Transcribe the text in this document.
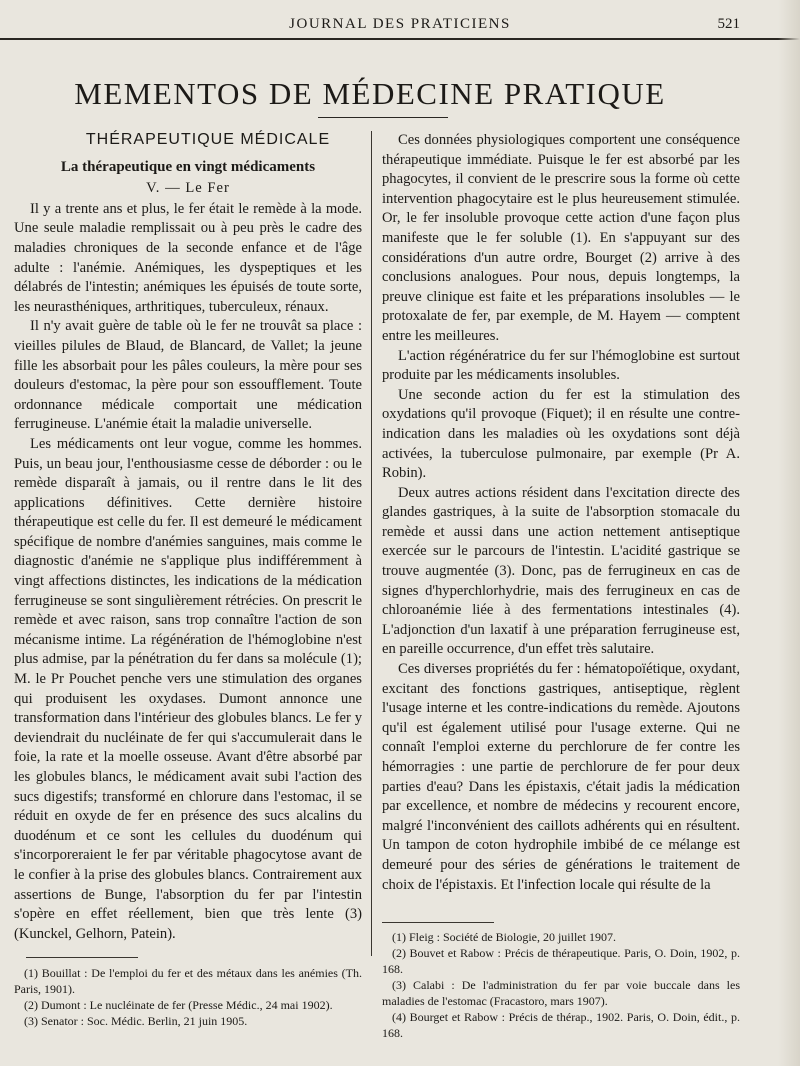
JOURNAL DES PRATICIENS	521
MEMENTOS DE MÉDECINE PRATIQUE
THÉRAPEUTIQUE MÉDICALE
La thérapeutique en vingt médicaments
V. — Le Fer

Il y a trente ans et plus, le fer était le remède à la mode. Une seule maladie remplissait ou à peu près le cadre des maladies chroniques de la seconde enfance et de l'âge adulte : l'anémie. Anémiques, les dyspeptiques et les délabrés de l'intestin; anémiques les épuisés de toute sorte, les neurasthéniques, arthritiques, tuberculeux, rénaux.

Il n'y avait guère de table où le fer ne trouvât sa place : vieilles pilules de Blaud, de Blancard, de Vallet; la jeune fille les absorbait pour les pâles couleurs, la mère pour ses douleurs d'estomac, la père pour son essoufflement. Toute ordonnance médicale comportait une médication ferrugineuse. L'anémie était la maladie universelle.

Les médicaments ont leur vogue, comme les hommes. Puis, un beau jour, l'enthousiasme cesse de déborder : ou le remède disparaît à jamais, ou il rentre dans le lit des applications définitives. Cette dernière histoire thérapeutique est celle du fer. Il est demeuré le médicament spécifique de nombre d'anémies sanguines, mais comme le diagnostic d'anémie ne s'applique plus indifféremment à vingt affections distinctes, les indications de la médication ferrugineuse se sont singulièrement rétrécies. On prescrit le remède et avec raison, sans trop connaître l'action de son mécanisme intime. La régénération de l'hémoglobine n'est plus admise, par la pénétration du fer dans sa molécule (1); M. le Pr Pouchet penche vers une stimulation des organes qui produisent les oxydases. Dumont annonce une transformation dans l'intérieur des globules blancs. Le fer y deviendrait du nucléinate de fer qui s'accumulerait dans le foie, la rate et la moelle osseuse. Avant d'être absorbé par les globules blancs, le médicament avait subi l'action des sucs digestifs; transformé en chlorure dans l'estomac, il se réduit en oxyde de fer en présence des sucs alcalins du duodénum et ce sont les cellules du duodénum qui s'incorporeraient le fer par véritable phagocytose avant de le confier à la prise des globules blancs. Contrairement aux assertions de Bunge, l'absorption du fer par l'intestin s'opère en effet réellement, bien que très lente (3) (Kunckel, Gelhorn, Patein).

Ces données physiologiques comportent une conséquence thérapeutique immédiate. Puisque le fer est absorbé par les phagocytes, il convient de le prescrire sous la forme où cette intervention phagocytaire est le plus heureusement stimulée. Or, le fer insoluble provoque cette action d'une façon plus manifeste que le fer soluble (1). En s'appuyant sur des considérations d'un autre ordre, Bourget (2) arrive à des conclusions analogues. Pour nous, depuis longtemps, la preuve clinique est faite et les préparations insolubles — le protoxalate de fer, par exemple, de M. Hayem — comptent entre les meilleures.

L'action régénératrice du fer sur l'hémoglobine est surtout produite par les médicaments insolubles.

Une seconde action du fer est la stimulation des oxydations qu'il provoque (Fiquet); il en résulte une contre-indication dans les maladies où les oxydations sont déjà activées, la tuberculose pulmonaire, par exemple (Pr A. Robin).

Deux autres actions résident dans l'excitation directe des glandes gastriques, à la suite de l'absorption stomacale du remède et aussi dans une action nettement antiseptique exercée sur le parcours de l'intestin. L'acidité gastrique se trouve augmentée (3). Donc, pas de ferrugineux en cas de signes d'hyperchlorhydrie, mais des ferrugineux en cas de chloroanémie liée à des fermentations intestinales (4). L'adjonction d'un laxatif à une préparation ferrugineuse est, en pareille occurrence, d'un effet très salutaire.

Ces diverses propriétés du fer : hématopoïétique, oxydant, excitant des fonctions gastriques, antiseptique, règlent l'usage interne et les contre-indications du remède. Ajoutons qu'il est également utilisé pour l'usage externe. Qui ne connaît l'emploi externe du perchlorure de fer contre les hémorragies : une partie de perchlorure de fer pour deux parties d'eau? Dans les épistaxis, c'était jadis la médication par excellence, et nombre de médecins y recourent encore, malgré l'inconvénient des caillots adhérents qui en résultent. Un tampon de coton hydrophile imbibé de ce mélange est demeuré pour des séries de générations le traitement de choix de l'épistaxis. Et l'infection locale qui résulte de la

(1) Bouillat : De l'emploi du fer et des métaux dans les anémies (Th. Paris, 1901).

(2) Dumont : Le nucléinate de fer (Presse Médic., 24 mai 1902).

(3) Senator : Soc. Médic. Berlin, 21 juin 1905.

(1) Fleig : Société de Biologie, 20 juillet 1907.

(2) Bouvet et Rabow : Précis de thérapeutique. Paris, O. Doin, 1902, p. 168.

(3) Calabi : De l'administration du fer par voie buccale dans les maladies de l'estomac (Fracastoro, mars 1907).

(4) Bourget et Rabow : Précis de thérap., 1902. Paris, O. Doin, édit., p. 168.
